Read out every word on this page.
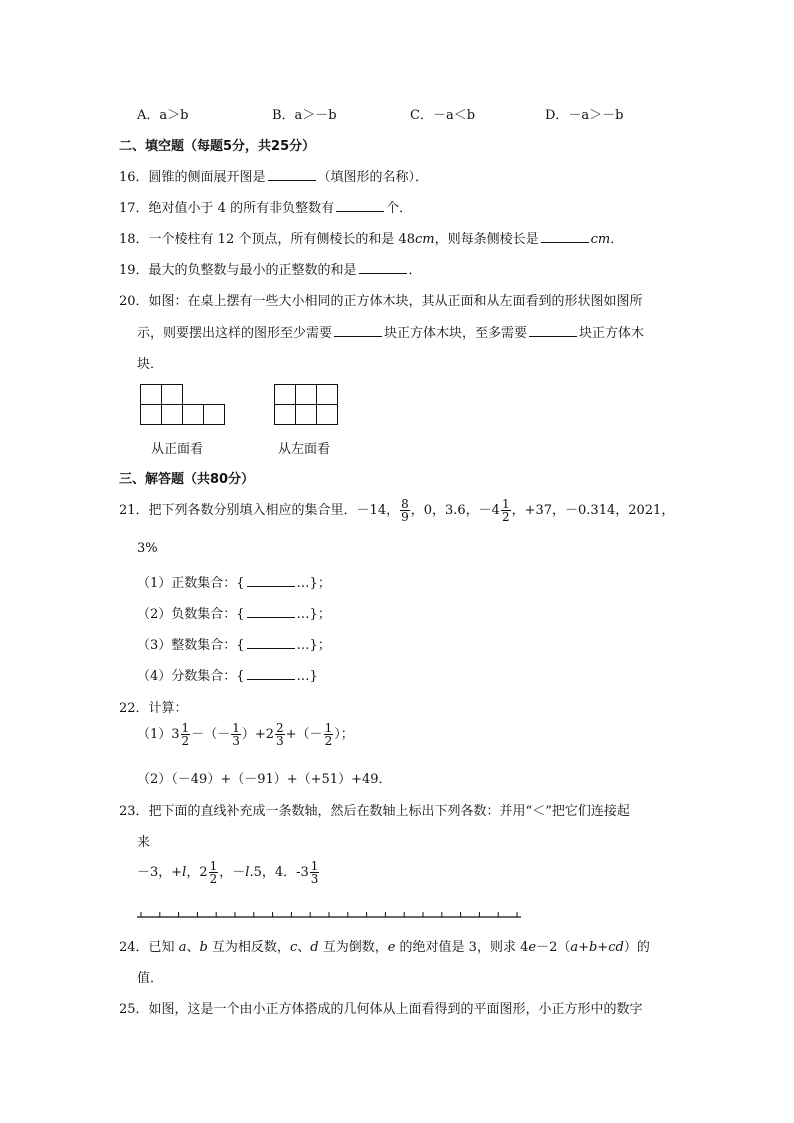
A．a＞b	B．a＞－b	C．－a＜b	D．－a＞－b
二、填空题（每题5分，共25分）
16．圆锥的侧面展开图是	（填图形的名称）．
17．绝对值小于 4 的所有非负整数有	个．
18．一个棱柱有 12 个顶点，所有侧棱长的和是 48cm，则每条侧棱长是	cm．
19．最大的负整数与最小的正整数的和是	．
20．如图：在桌上摆有一些大小相同的正方体木块，其从正面和从左面看到的形状图如图所
示，则要摆出这样的图形至少需要	块正方体木块，至多需要	块正方体木
块．
从正面看	从左面看
三、解答题（共80分）
21．把下列各数分别填入相应的集合里．－14， $\frac{8}{9}$ ，0，3.6，$-4 \frac{1}{2}$ ，+37，－0.314，2021，
3%
（1）正数集合：{	…}；
（2）负数集合：{	…}；
（3）整数集合：{	…}；
（4）分数集合：{	…}
22．计算：
$(1)3 \frac{1}{2}$ －（－ $\frac{1}{3} )+2 \frac{2}{3}$ +（－ $\frac{1}{2}$ ）；
（2）（－49）+（－91）+（+51）+49．
23．把下面的直线补充成一条数轴，然后在数轴上标出下列各数：并用“＜”把它们连接起
来
－3，+l，$2 \frac{1}{2}$ ，－l.5，4．$-3 \frac{1}{3}$
24．已知 a、b 互为相反数，c、d 互为倒数，e 的绝对值是 3，则求 4e－2（a+b+cd）的
值．
25．如图，这是一个由小正方体搭成的几何体从上面看得到的平面图形，小正方形中的数字
